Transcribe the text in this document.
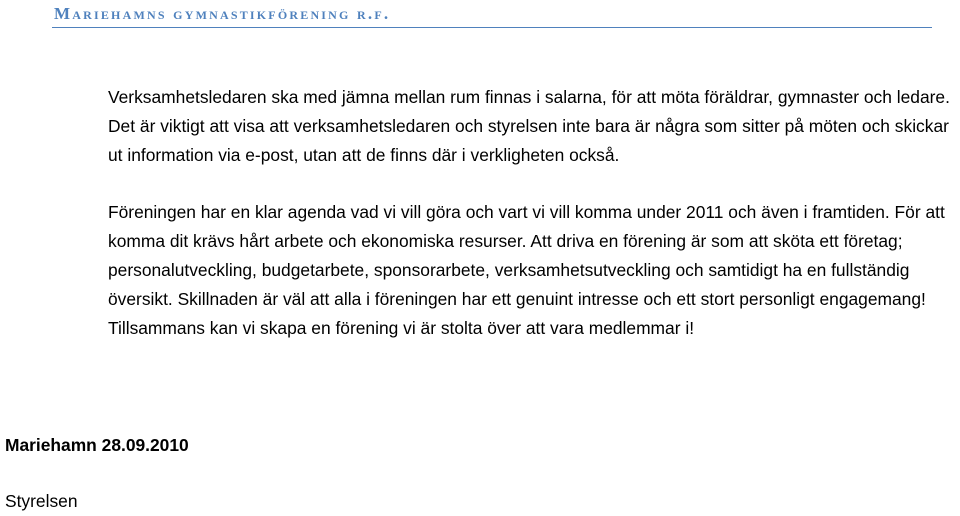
Mariehamns gymnastikförening r.f.

Verksamhetsledaren ska med jämna mellan rum finnas i salarna, för att möta föräldrar, gymnaster och ledare.

Det är viktigt att visa att verksamhetsledaren och styrelsen inte bara är några som sitter på möten och skickar

ut information via e-post, utan att de finns där i verkligheten också.

Föreningen har en klar agenda vad vi vill göra och vart vi vill komma under 2011 och även i framtiden. För att

komma dit krävs hårt arbete och ekonomiska resurser. Att driva en förening är som att sköta ett företag;

personalutveckling, budgetarbete, sponsorarbete, verksamhetsutveckling och samtidigt ha en fullständig

översikt. Skillnaden är väl att alla i föreningen har ett genuint intresse och ett stort personligt engagemang!

Tillsammans kan vi skapa en förening vi är stolta över att vara medlemmar i!

Mariehamn 28.09.2010
Styrelsen
